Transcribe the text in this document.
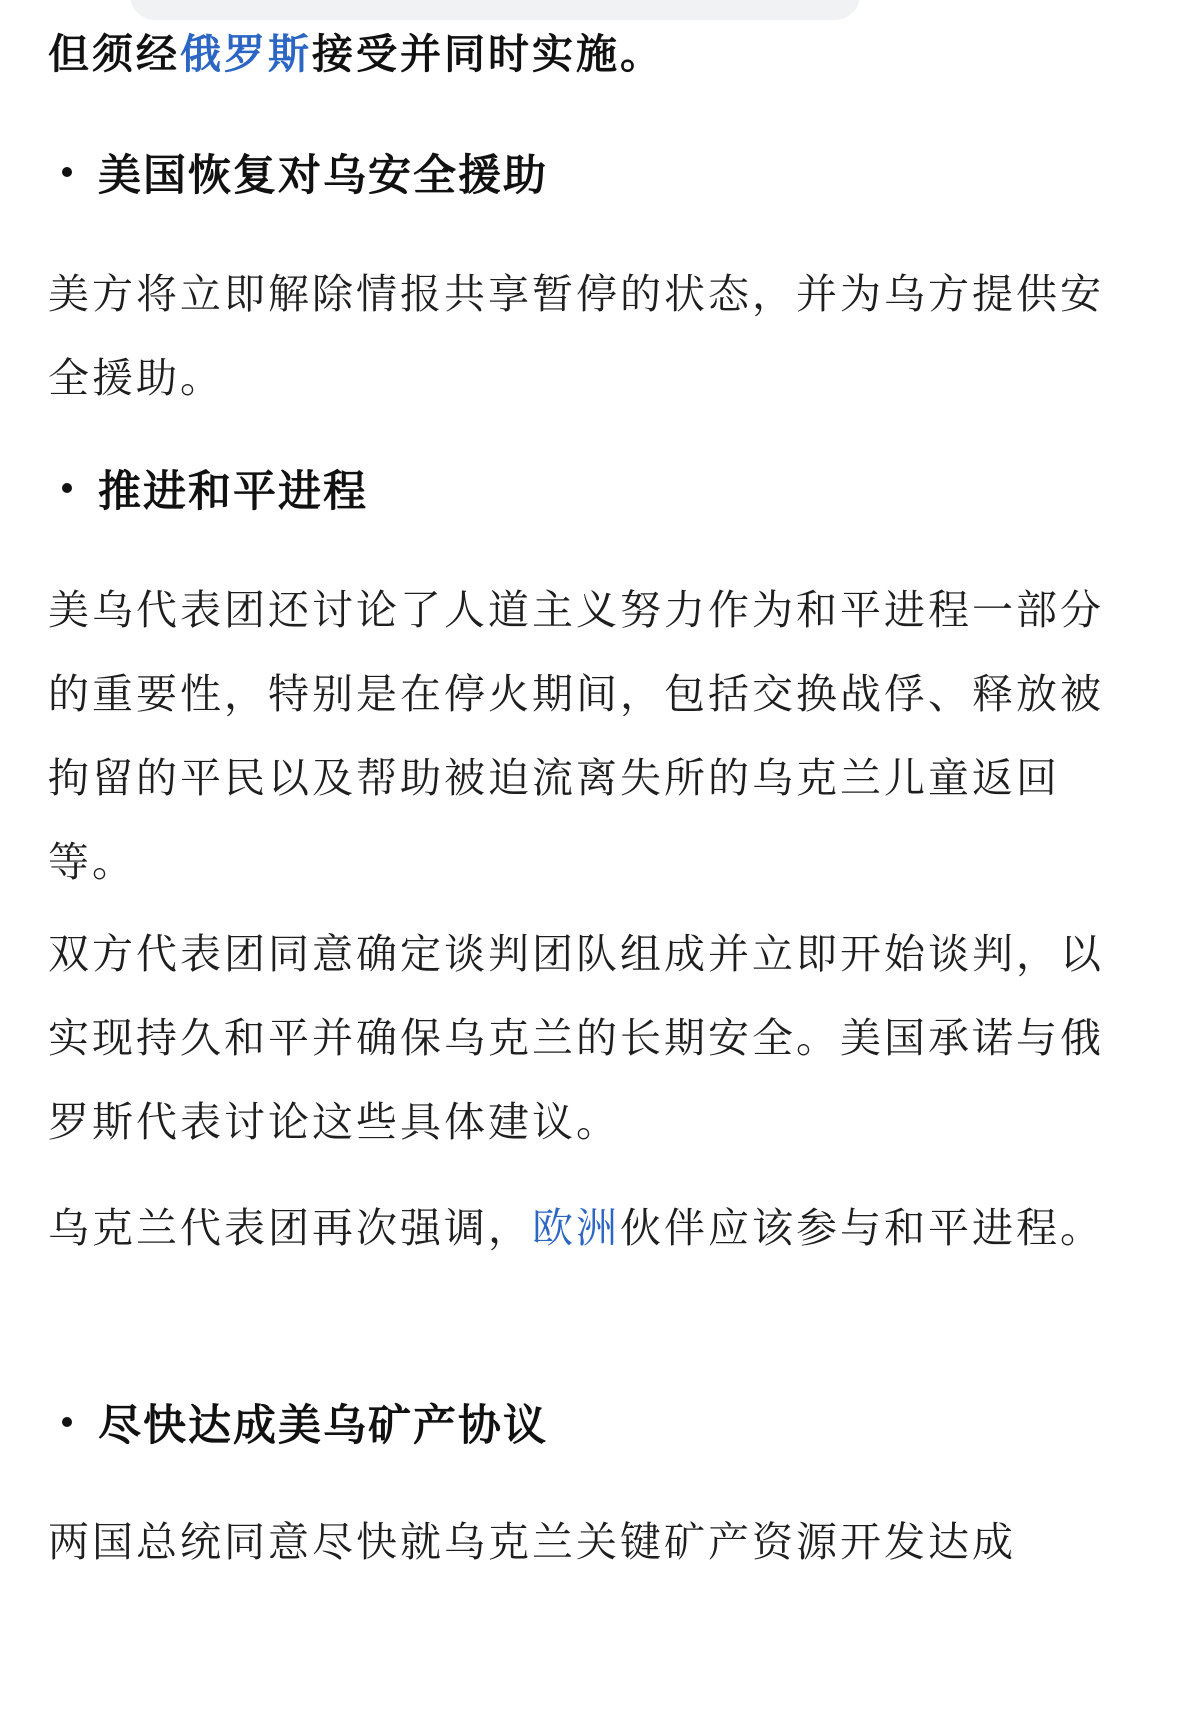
但须经俄罗斯接受并同时实施。

美国恢复对乌安全援助

美方将立即解除情报共享暂停的状态，并为乌方提供安全援助。

推进和平进程

美乌代表团还讨论了人道主义努力作为和平进程一部分的重要性，特别是在停火期间，包括交换战俘、释放被拘留的平民以及帮助被迫流离失所的乌克兰儿童返回等。

双方代表团同意确定谈判团队组成并立即开始谈判，以实现持久和平并确保乌克兰的长期安全。美国承诺与俄罗斯代表讨论这些具体建议。

乌克兰代表团再次强调，欧洲伙伴应该参与和平进程。

尽快达成美乌矿产协议

两国总统同意尽快就乌克兰关键矿产资源开发达成
